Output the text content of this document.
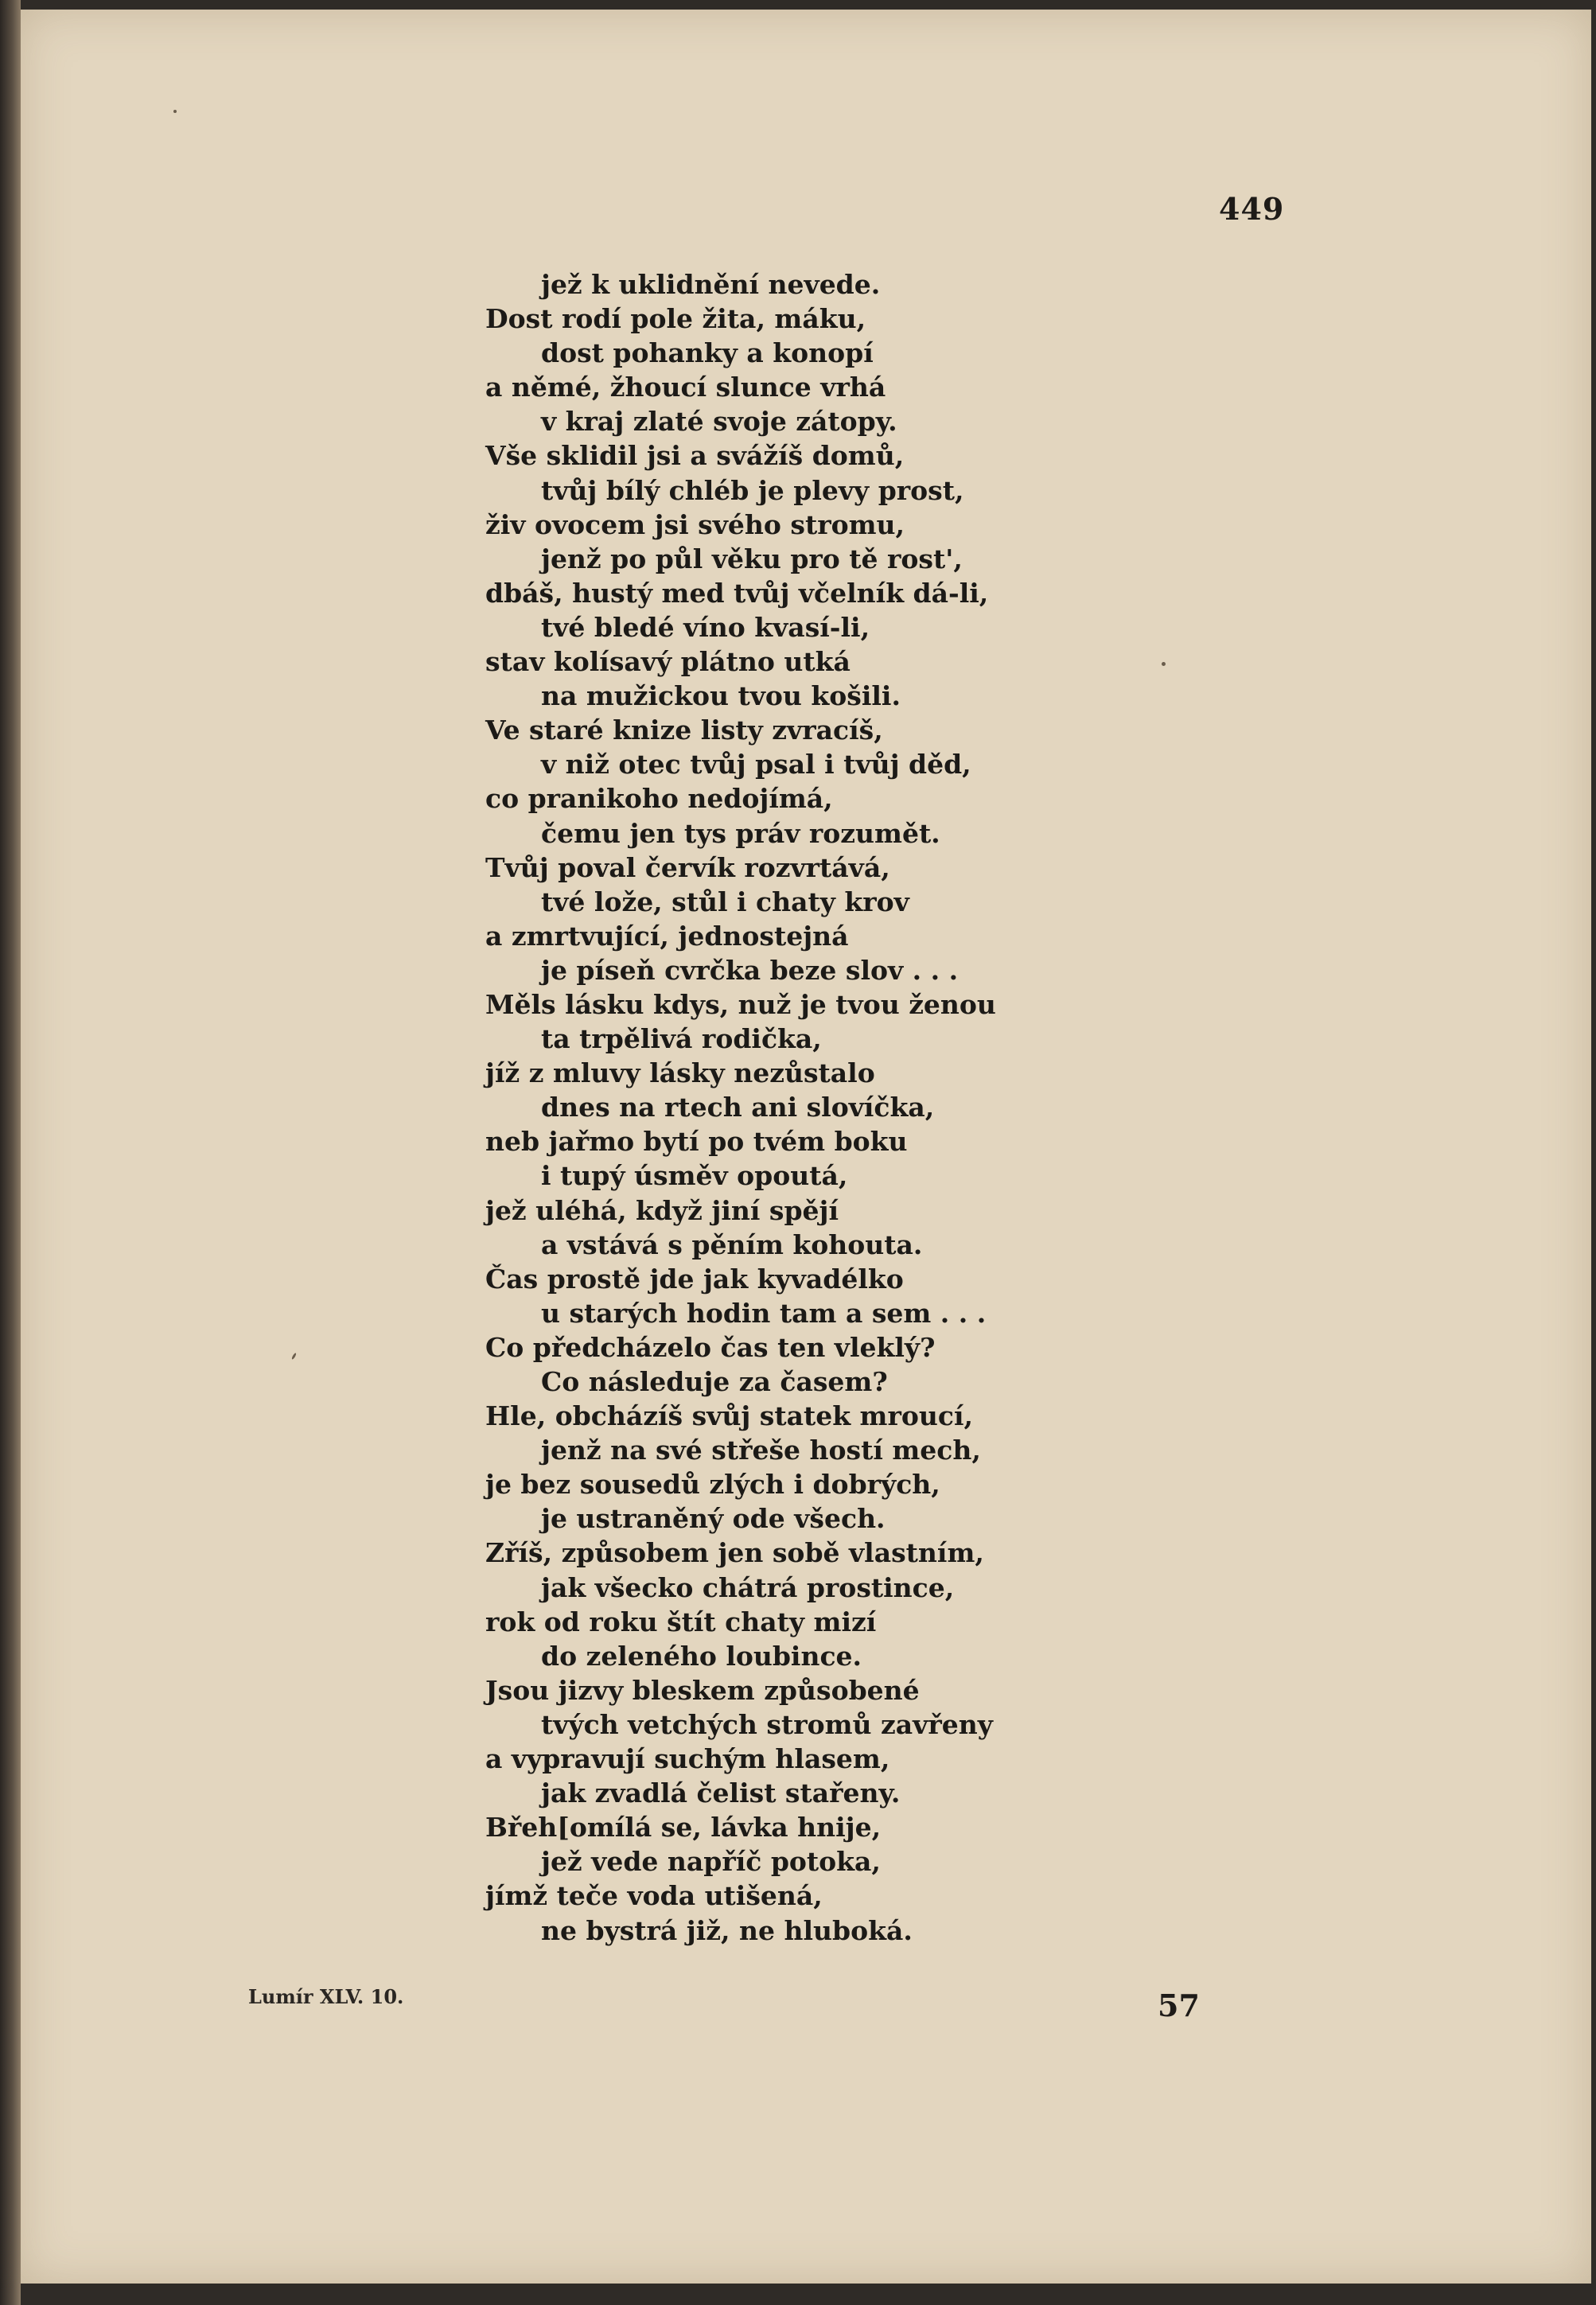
449
jež k uklidnění nevede.
Dost rodí pole žita, máku,
dost pohanky a konopí
a němé, žhoucí slunce vrhá
v kraj zlaté svoje zátopy.
Vše sklidil jsi a svážíš domů,
tvůj bílý chléb je plevy prost,
živ ovocem jsi svého stromu,
jenž po půl věku pro tě rost',
dbáš, hustý med tvůj včelník dá-li,
tvé bledé víno kvasí-li,
stav kolísavý plátno utká
na mužickou tvou košili.
Ve staré knize listy zvracíš,
v niž otec tvůj psal i tvůj děd,
co pranikoho nedojímá,
čemu jen tys práv rozumět.
Tvůj poval červík rozvrtává,
tvé lože, stůl i chaty krov
a zmrtvující, jednostejná
je píseň cvrčka beze slov . . .
Měls lásku kdys, nuž je tvou ženou
ta trpělivá rodička,
jíž z mluvy lásky nezůstalo
dnes na rtech ani slovíčka,
neb jařmo bytí po tvém boku
i tupý úsměv opoutá,
jež uléhá, když jiní spějí
a vstává s pěním kohouta.
Čas prostě jde jak kyvadélko
u starých hodin tam a sem . . .
Co předcházelo čas ten vleklý?
Co následuje za časem?
Hle, obcházíš svůj statek mroucí,
jenž na své střeše hostí mech,
je bez sousedů zlých i dobrých,
je ustraněný ode všech.
Zříš, způsobem jen sobě vlastním,
jak všecko chátrá prostince,
rok od roku štít chaty mizí
do zeleného loubince.
Jsou jizvy bleskem způsobené
tvých vetchých stromů zavřeny
a vypravují suchým hlasem,
jak zvadlá čelist stařeny.
Břeh[omílá se, lávka hnije,
jež vede napříč potoka,
jímž teče voda utišená,
ne bystrá již, ne hluboká.
Lumír XLV. 10.	57
